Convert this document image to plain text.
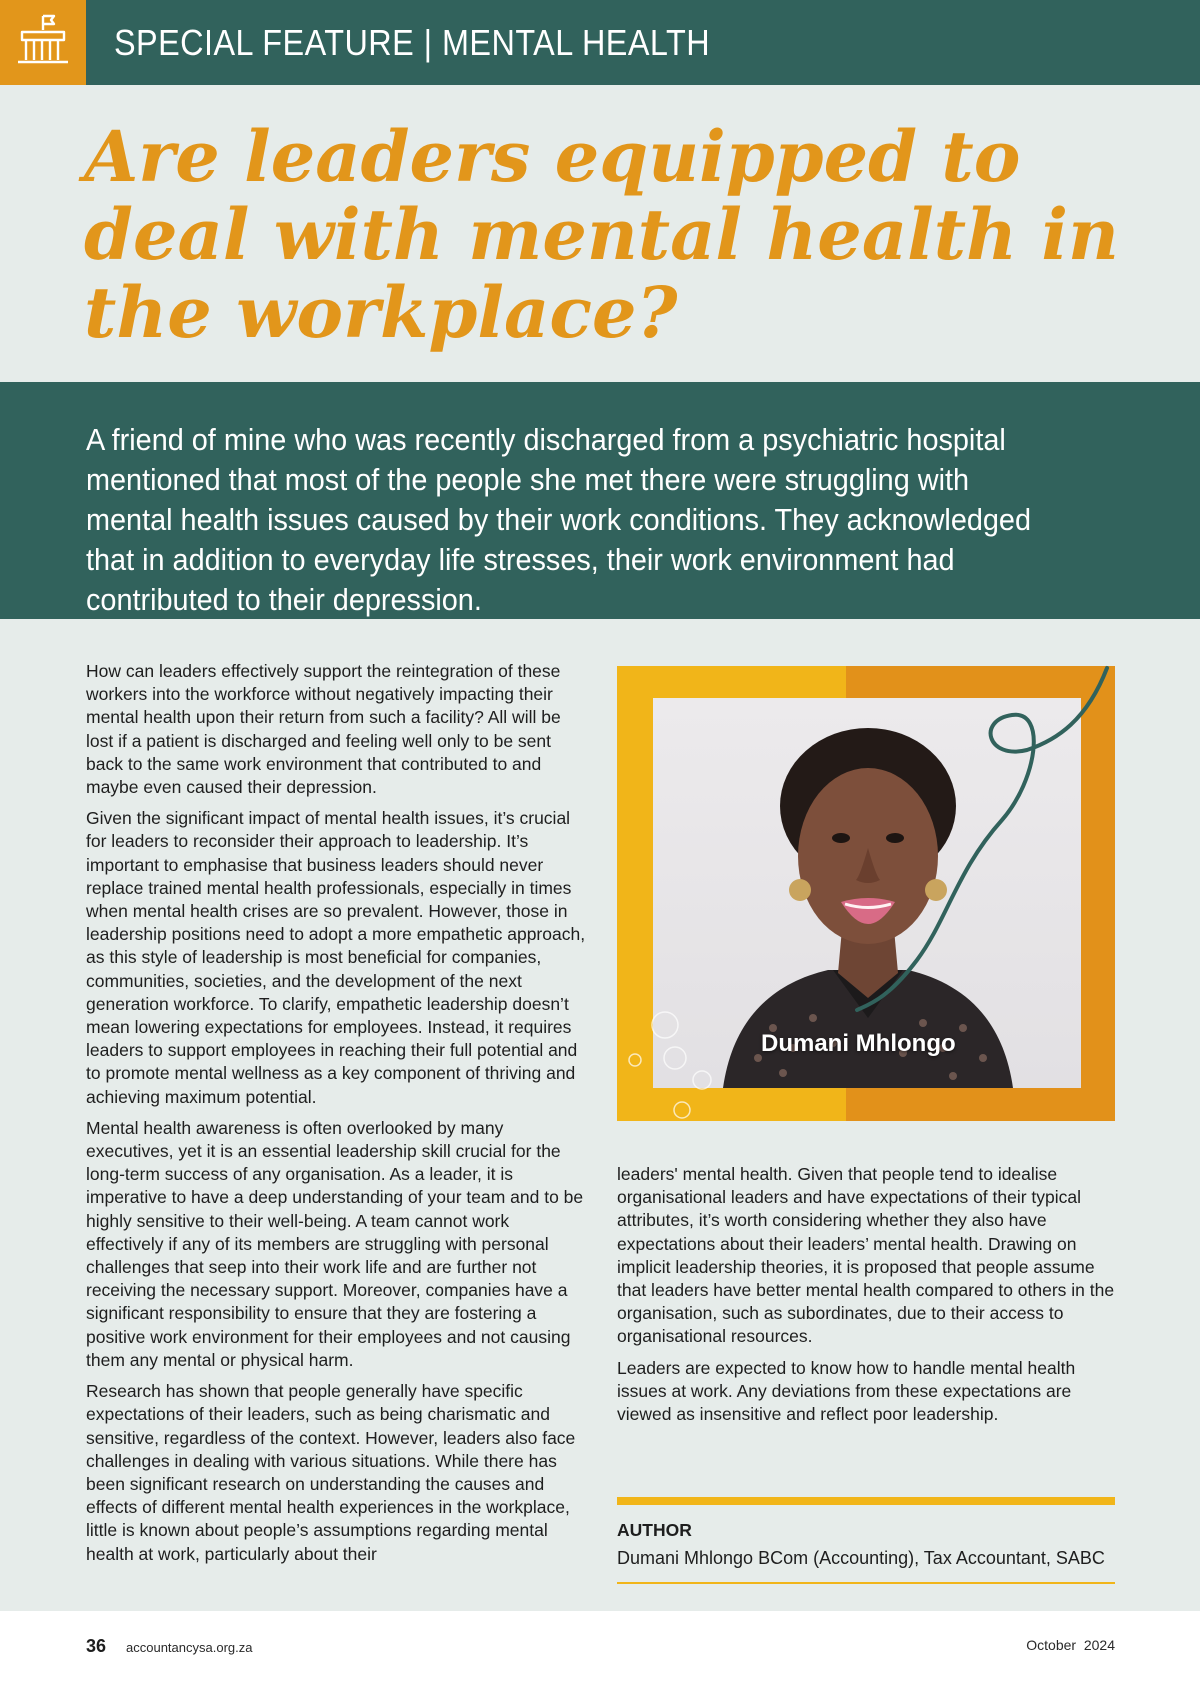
SPECIAL FEATURE | MENTAL HEALTH
Are leaders equipped to deal with mental health in the workplace?

A friend of mine who was recently discharged from a psychiatric hospital mentioned that most of the people she met there were struggling with mental health issues caused by their work conditions. They acknowledged that in addition to everyday life stresses, their work environment had contributed to their depression.

How can leaders effectively support the reintegration of these workers into the workforce without negatively impacting their mental health upon their return from such a facility? All will be lost if a patient is discharged and feeling well only to be sent back to the same work environment that contributed to and maybe even caused their depression.

Given the significant impact of mental health issues, it’s crucial for leaders to reconsider their approach to leadership. It’s important to emphasise that business leaders should never replace trained mental health professionals, especially in times when mental health crises are so prevalent. However, those in leadership positions need to adopt a more empathetic approach, as this style of leadership is most beneficial for companies, communities, societies, and the development of the next generation workforce. To clarify, empathetic leadership doesn’t mean lowering expectations for employees. Instead, it requires leaders to support employees in reaching their full potential and to promote mental wellness as a key component of thriving and achieving maximum potential.

Mental health awareness is often overlooked by many executives, yet it is an essential leadership skill crucial for the long-term success of any organisation. As a leader, it is imperative to have a deep understanding of your team and to be highly sensitive to their well-being. A team cannot work effectively if any of its members are struggling with personal challenges that seep into their work life and are further not receiving the necessary support. Moreover, companies have a significant responsibility to ensure that they are fostering a positive work environment for their employees and not causing them any mental or physical harm.

Research has shown that people generally have specific expectations of their leaders, such as being charismatic and sensitive, regardless of the context. However, leaders also face challenges in dealing with various situations. While there has been significant research on understanding the causes and effects of different mental health experiences in the workplace, little is known about people’s assumptions regarding mental health at work, particularly about their

Dumani Mhlongo

leaders' mental health. Given that people tend to idealise organisational leaders and have expectations of their typical attributes, it’s worth considering whether they also have expectations about their leaders’ mental health. Drawing on implicit leadership theories, it is proposed that people assume that leaders have better mental health compared to others in the organisation, such as subordinates, due to their access to organisational resources.

Leaders are expected to know how to handle mental health issues at work. Any deviations from these expectations are viewed as insensitive and reflect poor leadership.

AUTHOR
Dumani Mhlongo BCom (Accounting), Tax Accountant, SABC
36 accountancysa.org.za	October  2024
